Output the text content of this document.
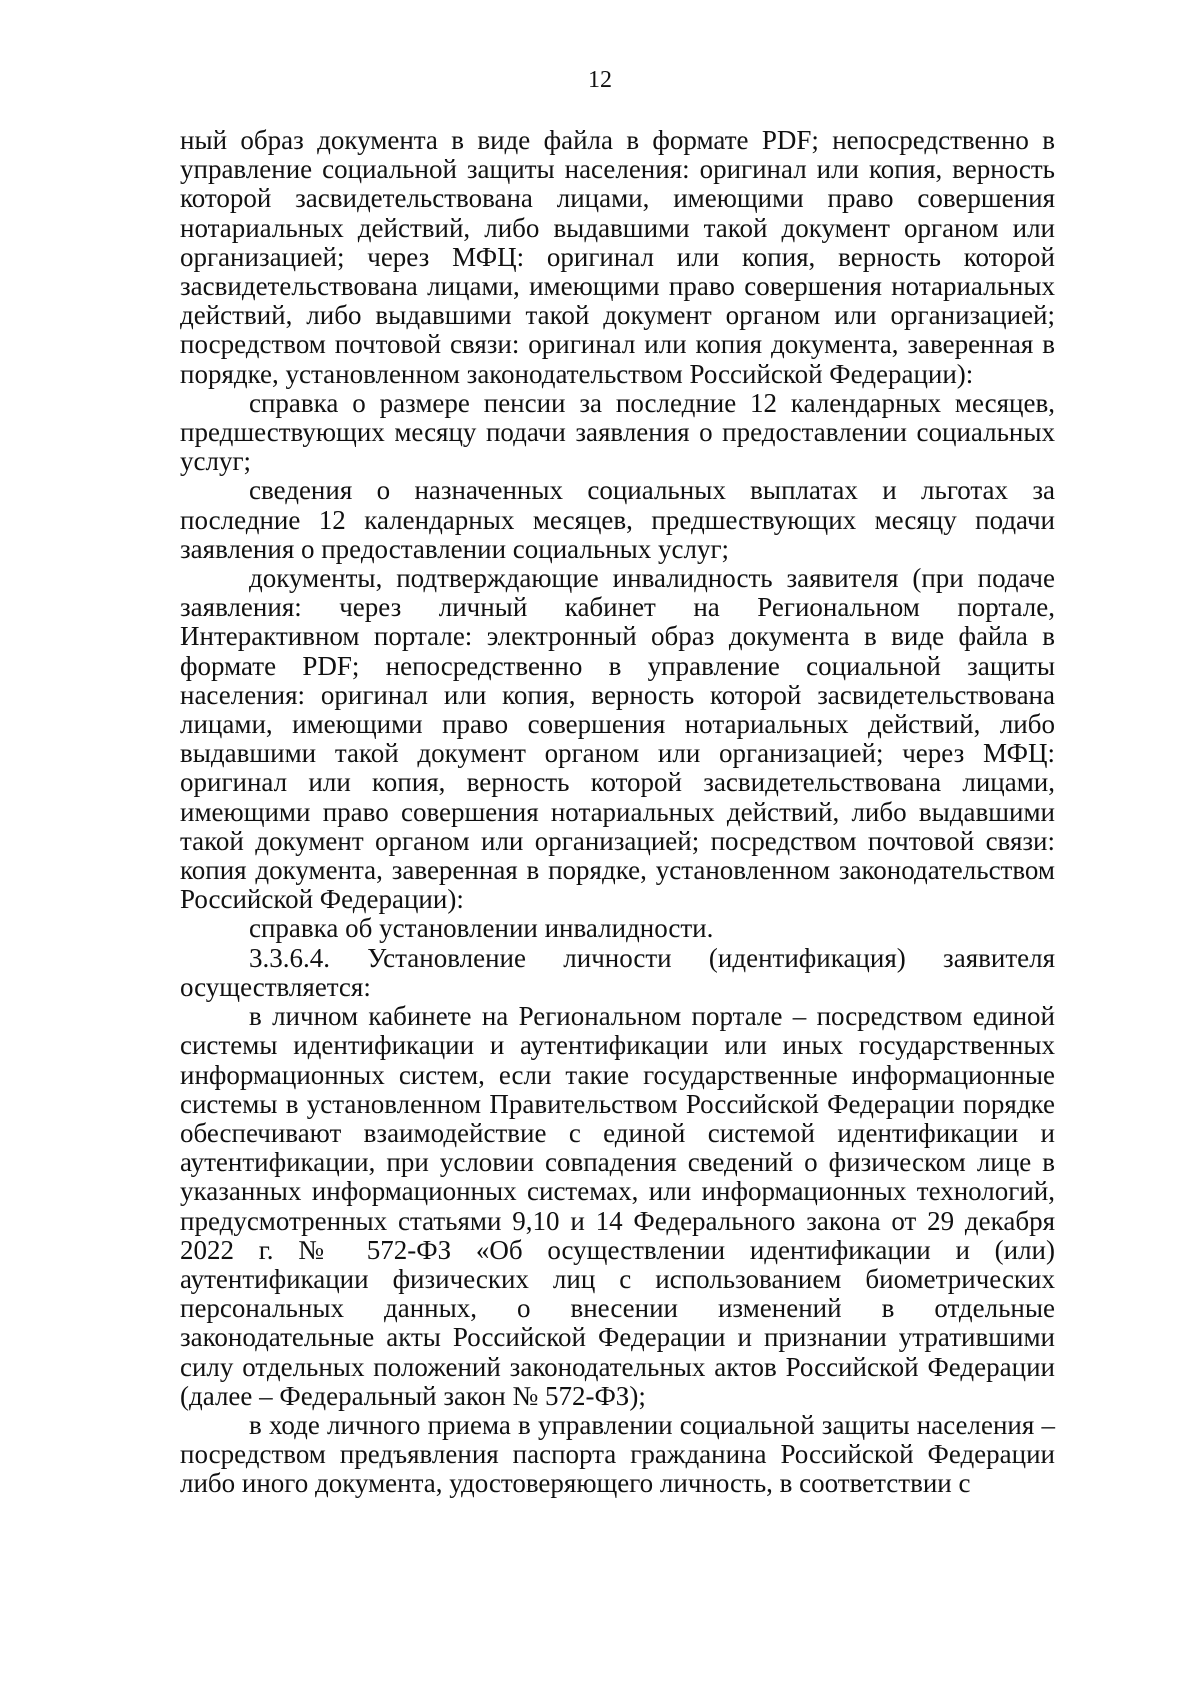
12

ный образ документа в виде файла в формате PDF; непосредственно в управление социальной защиты населения: оригинал или копия, верность которой засвидетельствована лицами, имеющими право совершения нотариальных действий, либо выдавшими такой документ органом или организацией; через МФЦ: оригинал или копия, верность которой засвидетельствована лицами, имеющими право совершения нотариальных действий, либо выдавшими такой документ органом или организацией; посредством почтовой связи: оригинал или копия документа, заверенная в порядке, установленном законодательством Российской Федерации):

справка о размере пенсии за последние 12 календарных месяцев, предшествующих месяцу подачи заявления о предоставлении социальных услуг;

сведения о назначенных социальных выплатах и льготах за последние 12 календарных месяцев, предшествующих месяцу подачи заявления о предоставлении социальных услуг;

документы, подтверждающие инвалидность заявителя (при подаче заявления: через личный кабинет на Региональном портале, Интерактивном портале: электронный образ документа в виде файла в формате PDF; непосредственно в управление социальной защиты населения: оригинал или копия, верность которой засвидетельствована лицами, имеющими право совершения нотариальных действий, либо выдавшими такой документ органом или организацией; через МФЦ: оригинал или копия, верность которой засвидетельствована лицами, имеющими право совершения нотариальных действий, либо выдавшими такой документ органом или организацией; посредством почтовой связи: копия документа, заверенная в порядке, установленном законодательством Российской Федерации):

справка об установлении инвалидности.

3.3.6.4. Установление личности (идентификация) заявителя осуществляется:

в личном кабинете на Региональном портале – посредством единой системы идентификации и аутентификации или иных государственных информационных систем, если такие государственные информационные системы в установленном Правительством Российской Федерации порядке обеспечивают взаимодействие с единой системой идентификации и аутентификации, при условии совпадения сведений о физическом лице в указанных информационных системах, или информационных технологий, предусмотренных статьями 9,10 и 14 Федерального закона от 29 декабря 2022 г. № 572-ФЗ «Об осуществлении идентификации и (или) аутентификации физических лиц с использованием биометрических персональных данных, о внесении изменений в отдельные законодательные акты Российской Федерации и признании утратившими силу отдельных положений законодательных актов Российской Федерации (далее – Федеральный закон № 572-ФЗ);

в ходе личного приема в управлении социальной защиты населения – посредством предъявления паспорта гражданина Российской Федерации либо иного документа, удостоверяющего личность, в соответствии с
